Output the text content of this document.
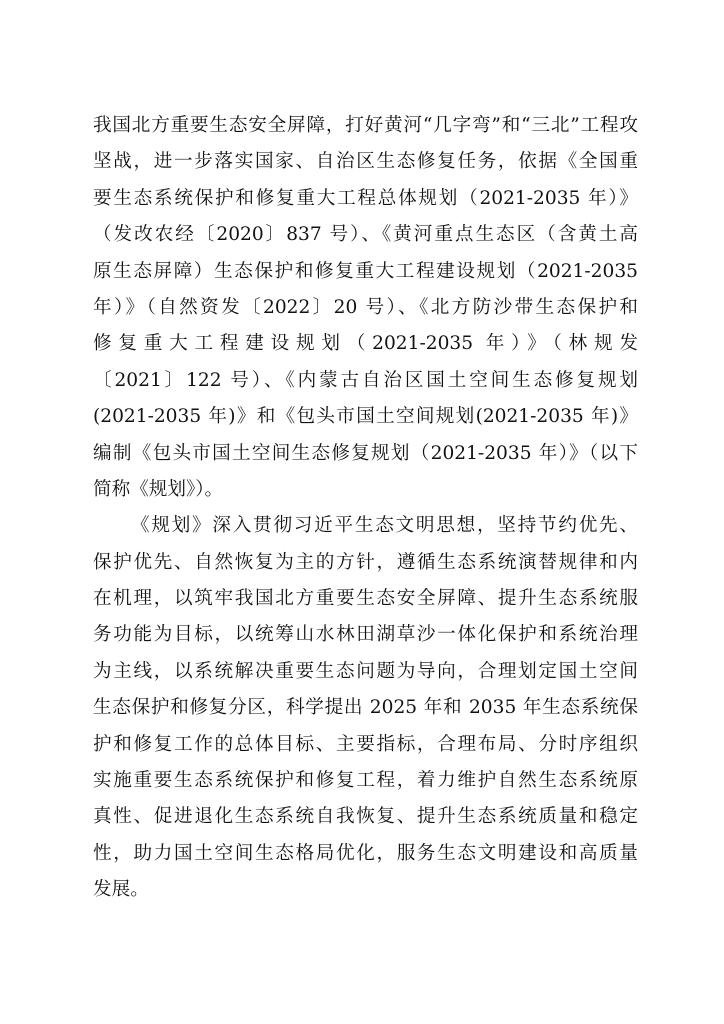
我国北方重要生态安全屏障，打好黄河“几字弯”和“三北”工程攻
坚战，进一步落实国家、自治区生态修复任务，依据《全国重
要生态系统保护和修复重大工程总体规划（2021-2035 年）》
（发改农经〔2020〕837 号）、《黄河重点生态区（含黄土高
原生态屏障）生态保护和修复重大工程建设规划（2021-2035
年）》（自然资发〔2022〕20 号）、《北方防沙带生态保护和
修复重大工程建设规划（2021-2035 年）》（林规发
〔2021〕122 号）、《内蒙古自治区国土空间生态修复规划
(2021-2035 年)》和《包头市国土空间规划(2021-2035 年)》
编制《包头市国土空间生态修复规划（2021-2035 年）》（以下
简称《规划》）。
《规划》深入贯彻习近平生态文明思想，坚持节约优先、
保护优先、自然恢复为主的方针，遵循生态系统演替规律和内
在机理，以筑牢我国北方重要生态安全屏障、提升生态系统服
务功能为目标，以统筹山水林田湖草沙一体化保护和系统治理
为主线，以系统解决重要生态问题为导向，合理划定国土空间
生态保护和修复分区，科学提出 2025 年和 2035 年生态系统保
护和修复工作的总体目标、主要指标，合理布局、分时序组织
实施重要生态系统保护和修复工程，着力维护自然生态系统原
真性、促进退化生态系统自我恢复、提升生态系统质量和稳定
性，助力国土空间生态格局优化，服务生态文明建设和高质量
发展。
